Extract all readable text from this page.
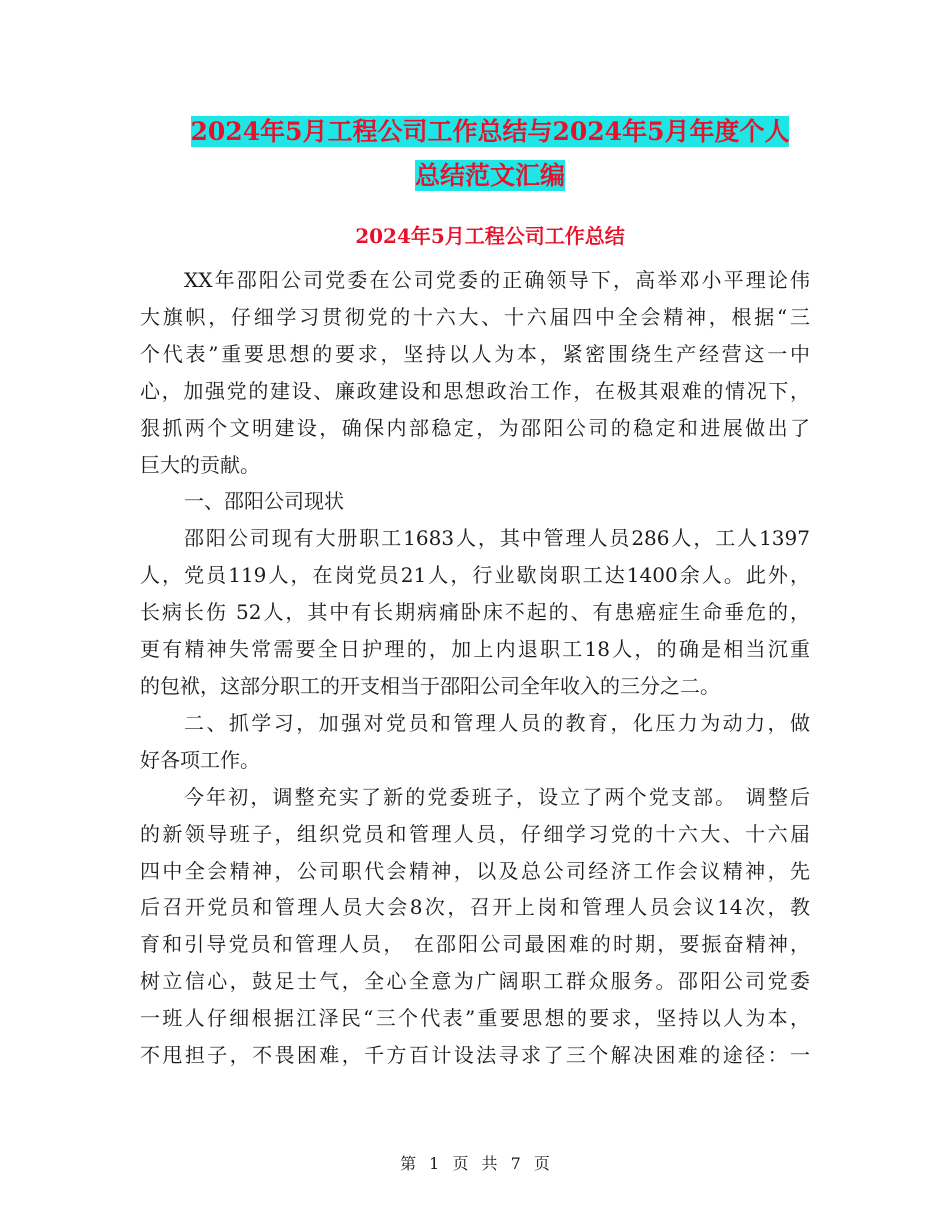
2024年5月工程公司工作总结与2024年5月年度个人
总结范文汇编
2024年5月工程公司工作总结
XX年邵阳公司党委在公司党委的正确领导下，高举邓小平理论伟
大旗帜，仔细学习贯彻党的十六大、十六届四中全会精神，根据“三
个代表”重要思想的要求，坚持以人为本，紧密围绕生产经营这一中
心，加强党的建设、廉政建设和思想政治工作，在极其艰难的情况下，
狠抓两个文明建设，确保内部稳定，为邵阳公司的稳定和进展做出了
巨大的贡献。
一、邵阳公司现状
邵阳公司现有大册职工1683人，其中管理人员286人，工人1397
人，党员119人，在岗党员21人，行业歇岗职工达1400余人。此外，
长病长伤 52人，其中有长期病痛卧床不起的、有患癌症生命垂危的，
更有精神失常需要全日护理的，加上内退职工18人，的确是相当沉重
的包袱，这部分职工的开支相当于邵阳公司全年收入的三分之二。
二、抓学习，加强对党员和管理人员的教育，化压力为动力，做
好各项工作。
今年初，调整充实了新的党委班子，设立了两个党支部。 调整后
的新领导班子，组织党员和管理人员，仔细学习党的十六大、十六届
四中全会精神，公司职代会精神，以及总公司经济工作会议精神，先
后召开党员和管理人员大会8次，召开上岗和管理人员会议14次，教
育和引导党员和管理人员， 在邵阳公司最困难的时期，要振奋精神，
树立信心，鼓足士气，全心全意为广阔职工群众服务。邵阳公司党委
一班人仔细根据江泽民“三个代表”重要思想的要求，坚持以人为本，
不甩担子，不畏困难，千方百计设法寻求了三个解决困难的途径：一
第 1 页 共 7 页
